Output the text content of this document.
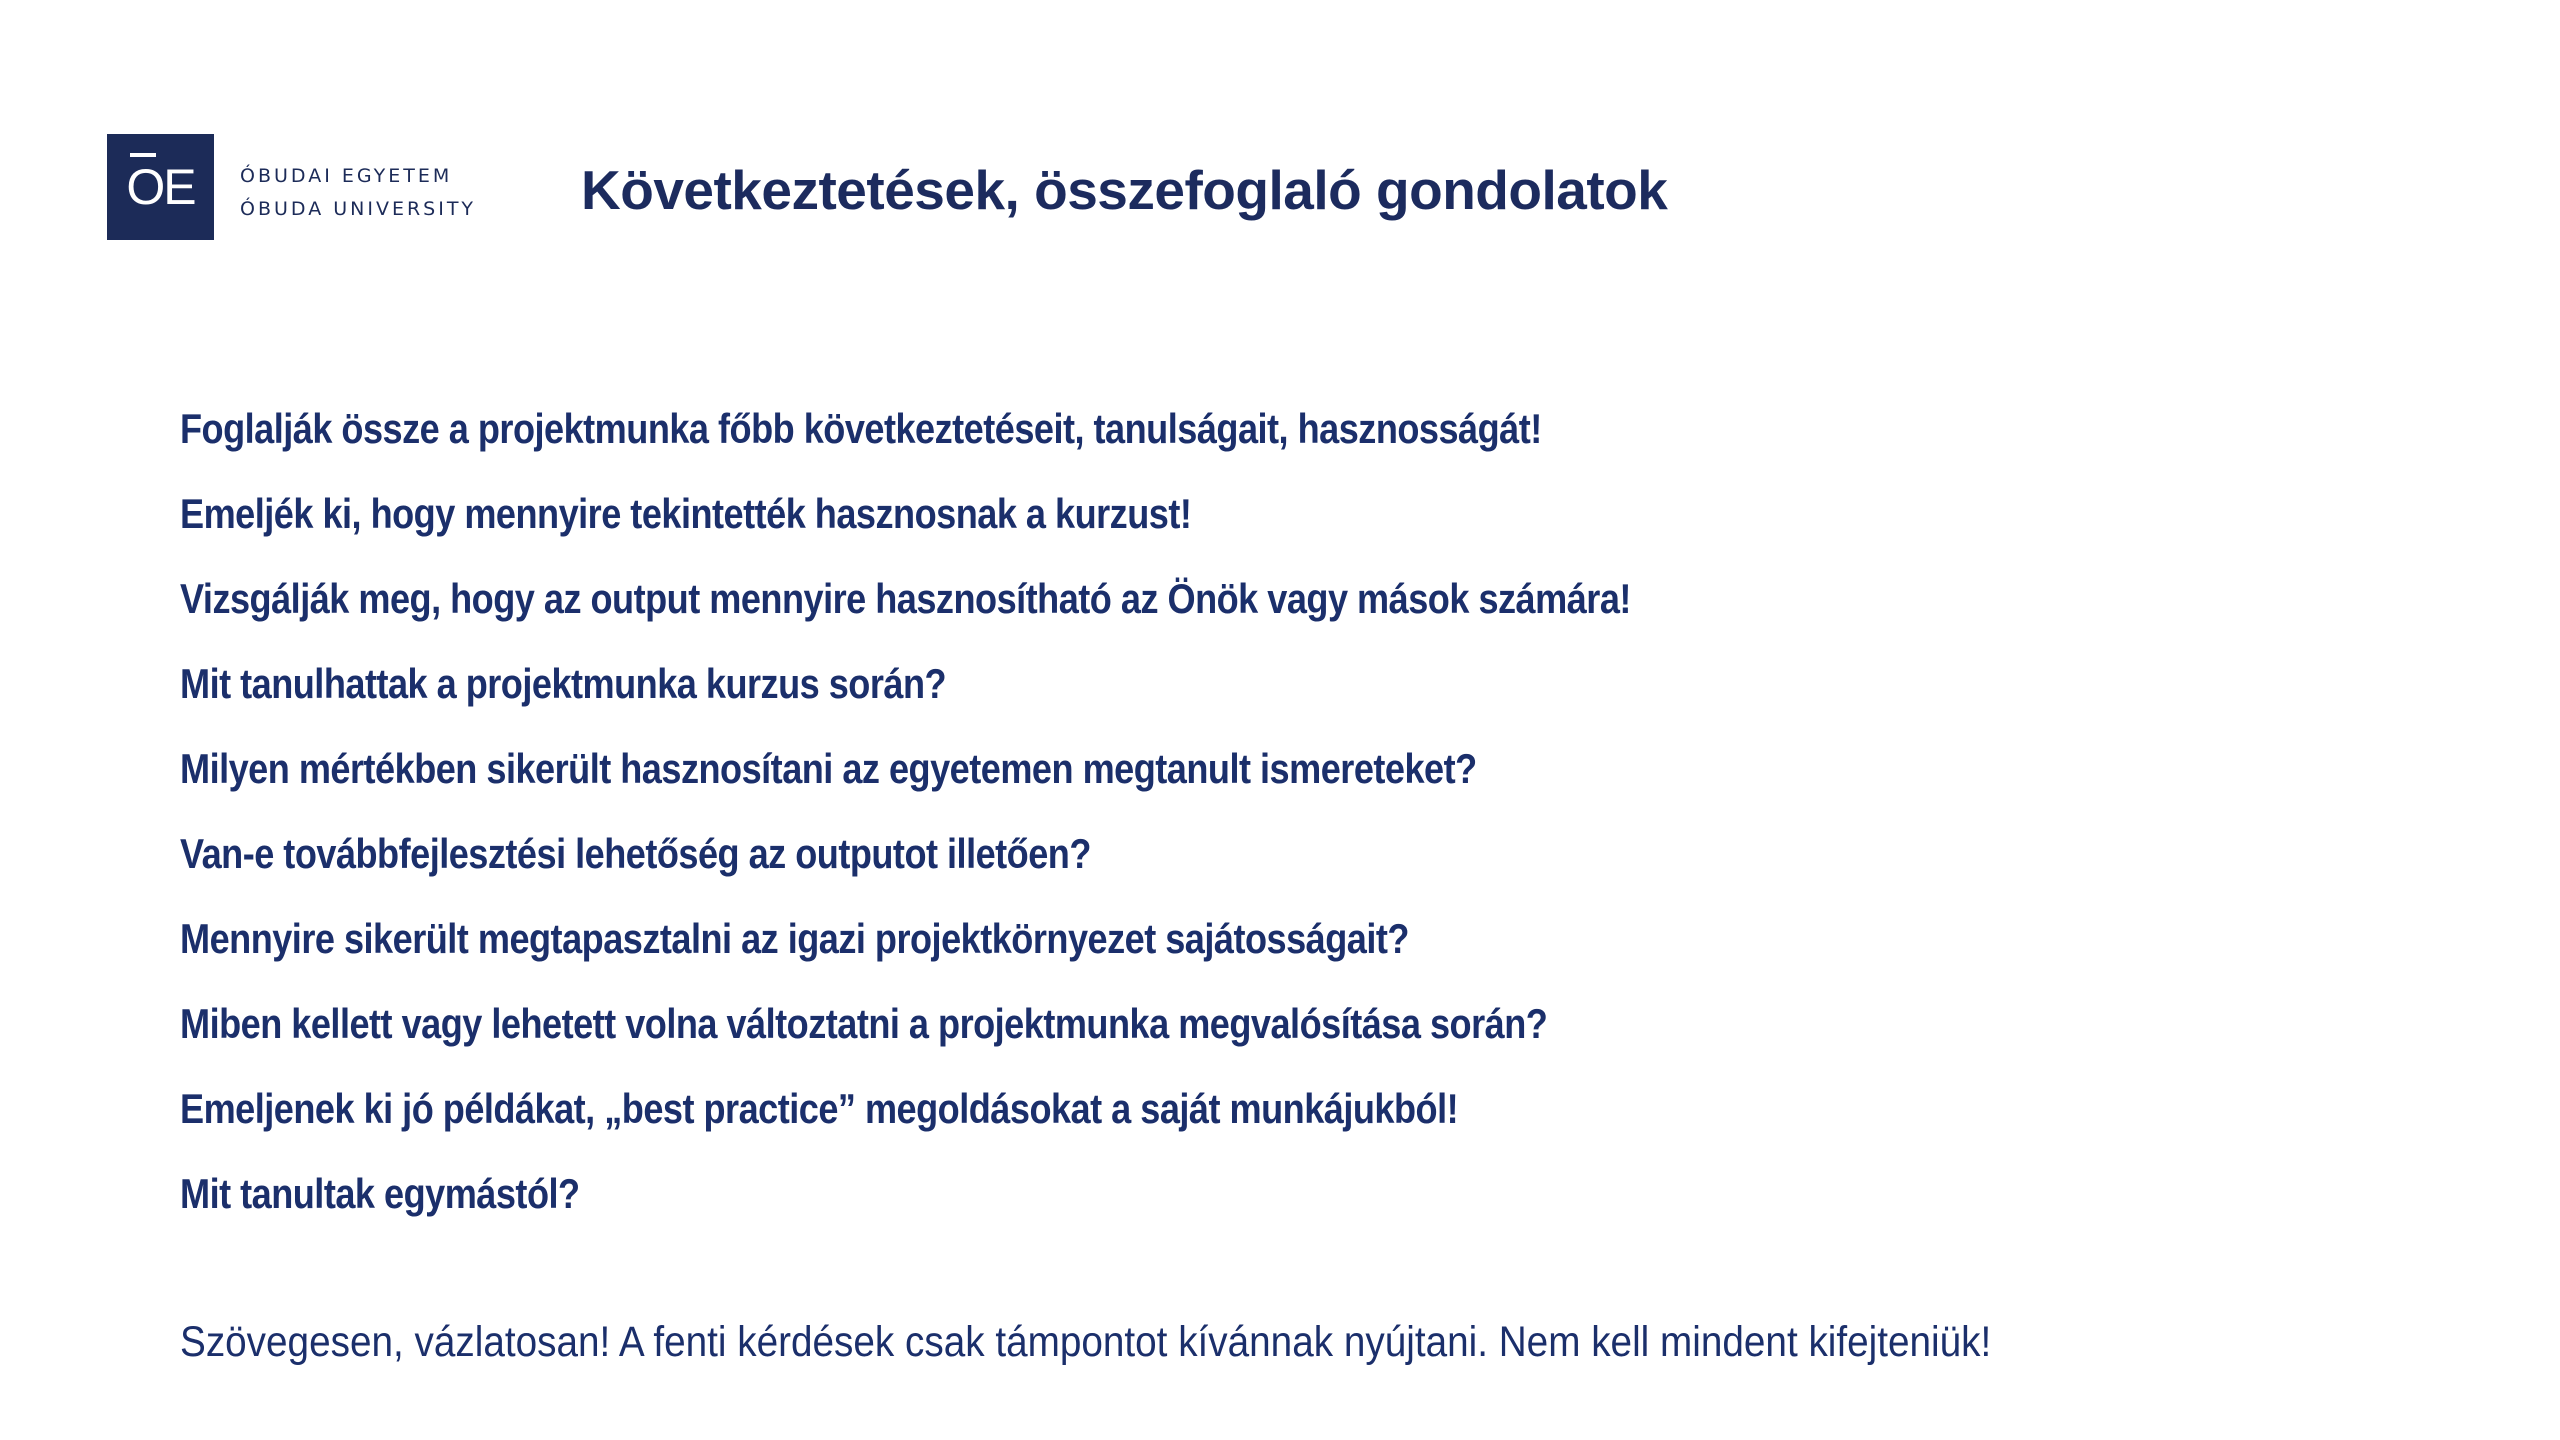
OE ÓBUDAI EGYETEM
ÓBUDA UNIVERSITY Következtetések, összefoglaló gondolatok
Foglalják össze a projektmunka főbb következtetéseit, tanulságait, hasznosságát!
Emeljék ki, hogy mennyire tekintették hasznosnak a kurzust!
Vizsgálják meg, hogy az output mennyire hasznosítható az Önök vagy mások számára!
Mit tanulhattak a projektmunka kurzus során?
Milyen mértékben sikerült hasznosítani az egyetemen megtanult ismereteket?
Van-e továbbfejlesztési lehetőség az outputot illetően?
Mennyire sikerült megtapasztalni az igazi projektkörnyezet sajátosságait?
Miben kellett vagy lehetett volna változtatni a projektmunka megvalósítása során?
Emeljenek ki jó példákat, „best practice” megoldásokat a saját munkájukból!
Mit tanultak egymástól?
Szövegesen, vázlatosan! A fenti kérdések csak támpontot kívánnak nyújtani. Nem kell mindent kifejteniük!
